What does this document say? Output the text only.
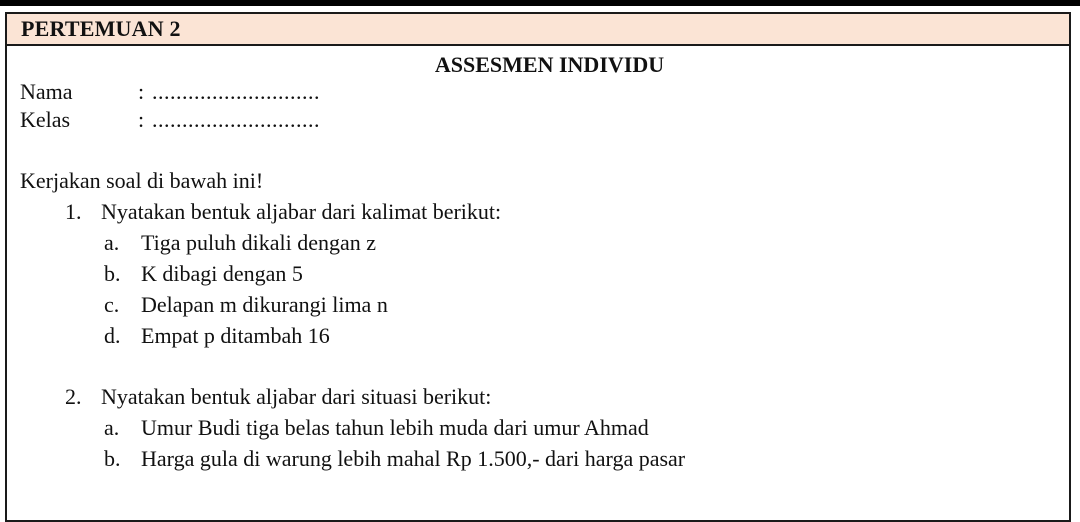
PERTEMUAN 2
ASSESMEN INDIVIDU
Nama	: ............................
Kelas	: ............................
Kerjakan soal di bawah ini!
1. Nyatakan bentuk aljabar dari kalimat berikut:
a. Tiga puluh dikali dengan z
b. K dibagi dengan 5
c. Delapan m dikurangi lima n
d. Empat p ditambah 16
2. Nyatakan bentuk aljabar dari situasi berikut:
a. Umur Budi tiga belas tahun lebih muda dari umur Ahmad
b. Harga gula di warung lebih mahal Rp 1.500,- dari harga pasar
